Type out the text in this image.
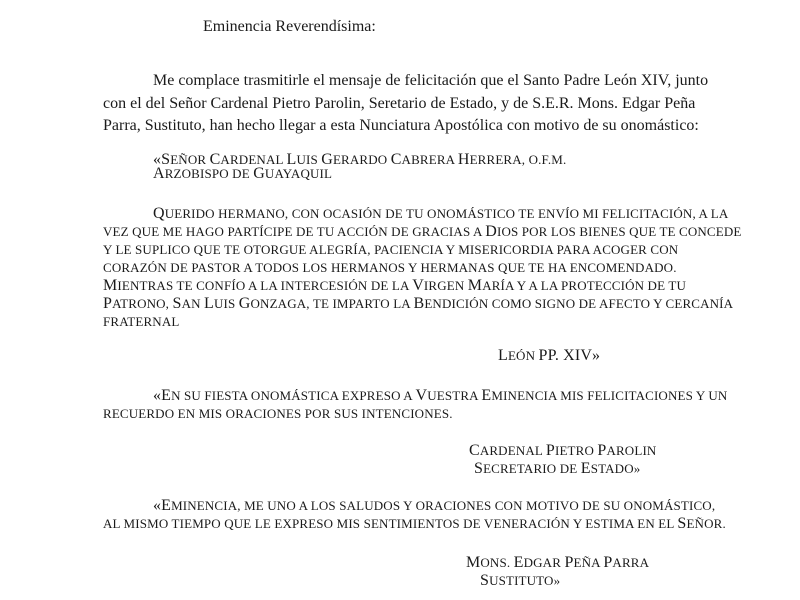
Eminencia Reverendísima:

Me complace trasmitirle el mensaje de felicitación que el Santo Padre León XIV, junto

con el del Señor Cardenal Pietro Parolin, Seretario de Estado, y de S.E.R. Mons. Edgar Peña

Parra, Sustituto, han hecho llegar a esta Nunciatura Apostólica con motivo de su onomástico:

«SEÑOR CARDENAL LUIS GERARDO CABRERA HERRERA, O.F.M.

ARZOBISPO DE GUAYAQUIL

QUERIDO HERMANO, CON OCASIÓN DE TU ONOMÁSTICO TE ENVÍO MI FELICITACIÓN, A LA

VEZ QUE ME HAGO PARTÍCIPE DE TU ACCIÓN DE GRACIAS A DIOS POR LOS BIENES QUE TE CONCEDE

Y LE SUPLICO QUE TE OTORGUE ALEGRÍA, PACIENCIA Y MISERICORDIA PARA ACOGER CON

CORAZÓN DE PASTOR A TODOS LOS HERMANOS Y HERMANAS QUE TE HA ENCOMENDADO.

MIENTRAS TE CONFÍO A LA INTERCESIÓN DE LA VIRGEN MARÍA Y A LA PROTECCIÓN DE TU

PATRONO, SAN LUIS GONZAGA, TE IMPARTO LA BENDICIÓN COMO SIGNO DE AFECTO Y CERCANÍA

FRATERNAL

LEÓN PP. XIV»

«EN SU FIESTA ONOMÁSTICA EXPRESO A VUESTRA EMINENCIA MIS FELICITACIONES Y UN

RECUERDO EN MIS ORACIONES POR SUS INTENCIONES.

CARDENAL PIETRO PAROLIN

SECRETARIO DE ESTADO»

«EMINENCIA, ME UNO A LOS SALUDOS Y ORACIONES CON MOTIVO DE SU ONOMÁSTICO,

AL MISMO TIEMPO QUE LE EXPRESO MIS SENTIMIENTOS DE VENERACIÓN Y ESTIMA EN EL SEÑOR.

MONS. EDGAR PEÑA PARRA

SUSTITUTO»
